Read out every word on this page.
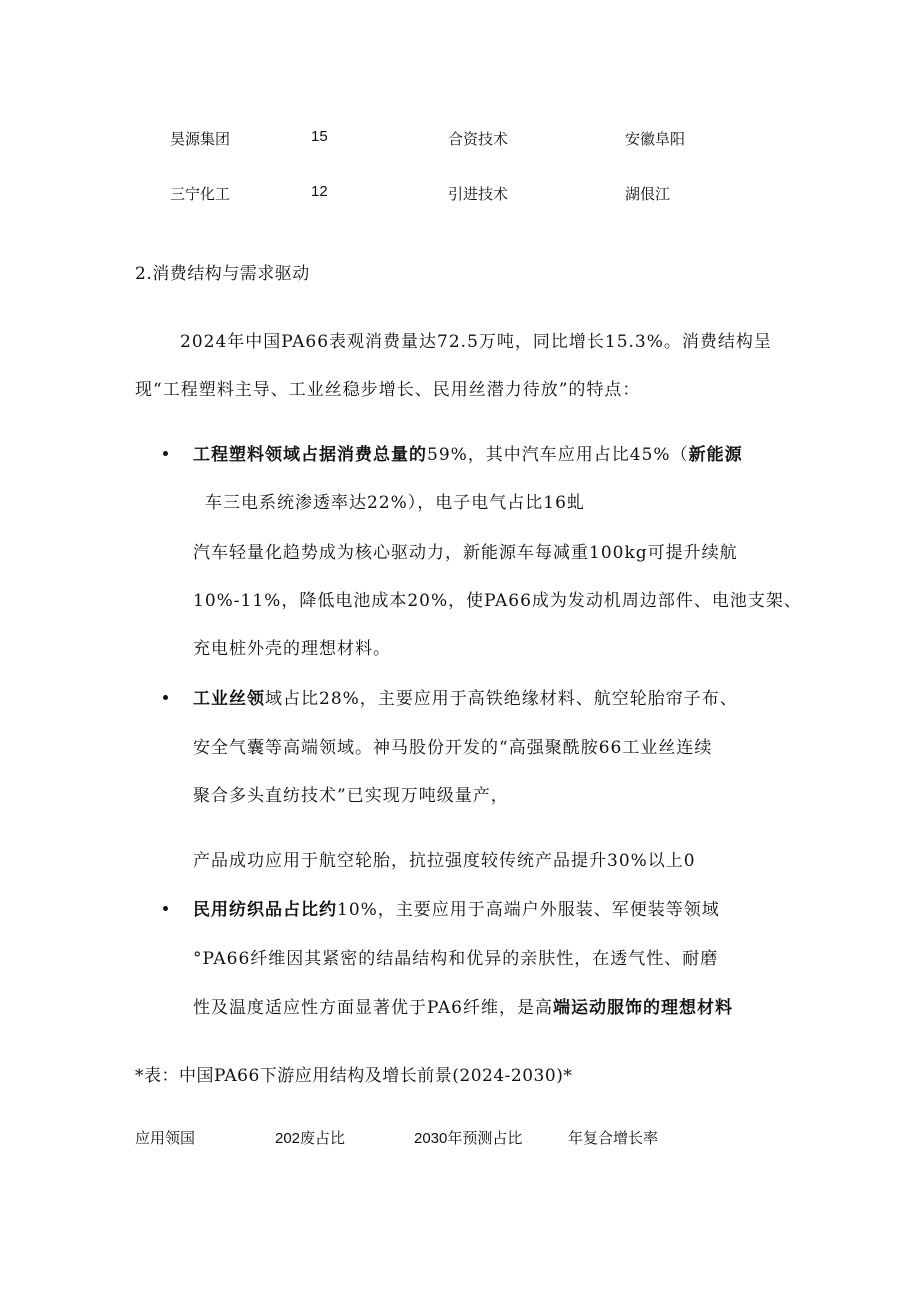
昊源集团	15	合资技术	安徽阜阳
三宁化工	12	引进技术	湖佷江
2.消费结构与需求驱动
2024年中国PA66表观消费量达72.5万吨，同比增长15.3%。消费结构呈
现“工程塑料主导、工业丝稳步增长、民用丝潜力待放”的特点：
工程塑料领域占据消费总量的59%，其中汽车应用占比45%（新能源
车三电系统渗透率达22%），电子电气占比16虬
汽车轻量化趋势成为核心驱动力，新能源车每减重100kg可提升续航
10%-11%，降低电池成本20%，使PA66成为发动机周边部件、电池支架、
充电桩外壳的理想材料。
工业丝领域占比28%，主要应用于高铁绝缘材料、航空轮胎帘子布、
安全气囊等高端领域。神马股份开发的“高强聚酰胺66工业丝连续
聚合多头直纺技术”已实现万吨级量产，
产品成功应用于航空轮胎，抗拉强度较传统产品提升30%以上0
民用纺织品占比约10%，主要应用于高端户外服装、军便装等领域
°PA66纤维因其紧密的结晶结构和优异的亲肤性，在透气性、耐磨
性及温度适应性方面显著优于PA6纤维，是高端运动服饰的理想材料
*表：中国PA66下游应用结构及增长前景(2024-2030)*
应用领国	202废占比	2030年预测占比	年复合增长率
